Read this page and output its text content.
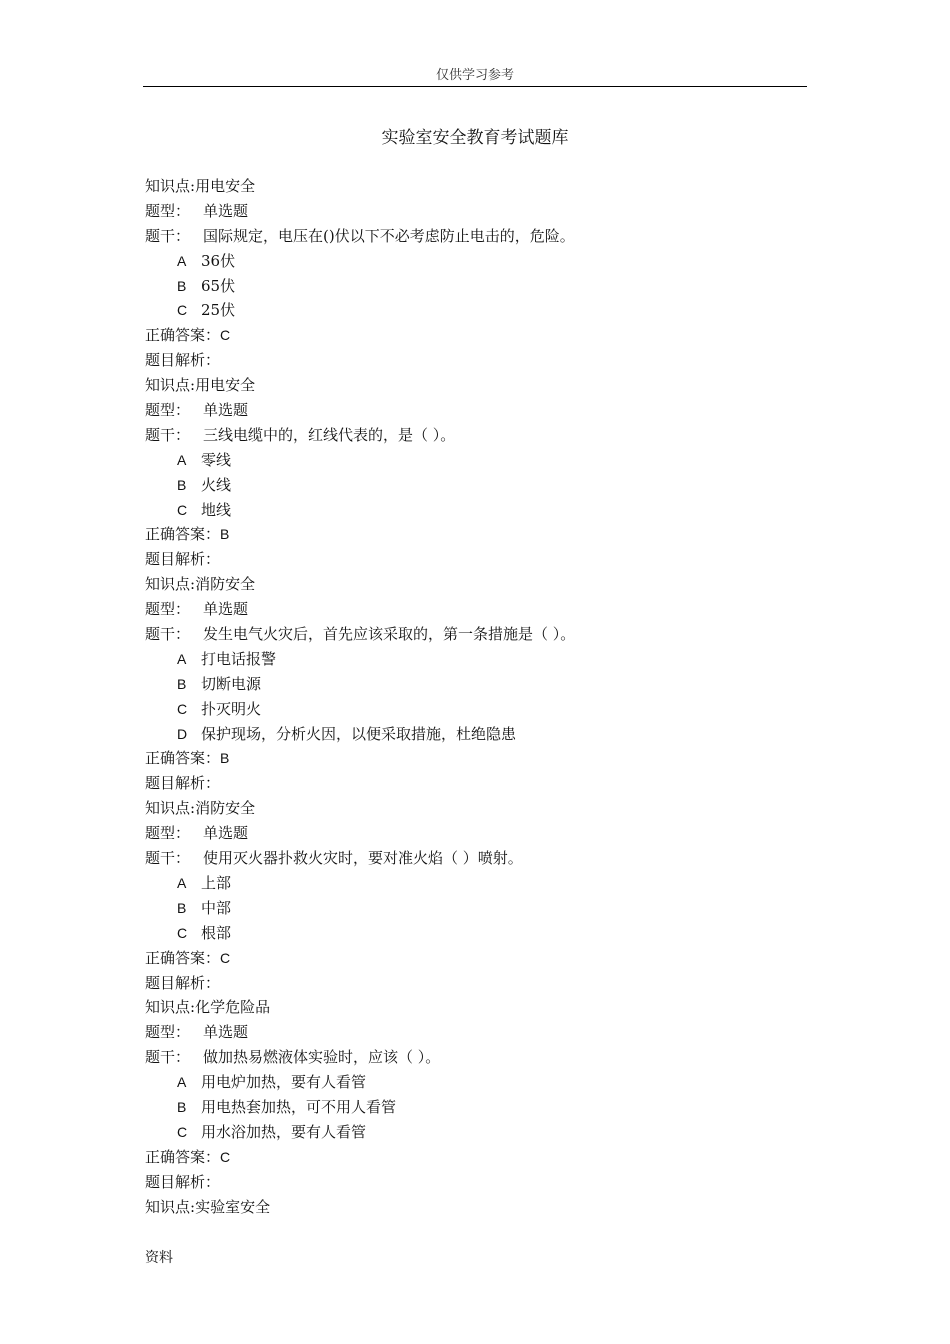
仅供学习参考
实验室安全教育考试题库
知识点:用电安全
题型： 单选题
题干： 国际规定，电压在()伏以下不必考虑防止电击的，危险。
A 36伏
B 65伏
C 25伏
正确答案：C
题目解析：
知识点:用电安全
题型： 单选题
题干： 三线电缆中的，红线代表的，是（ ）。
A 零线
B 火线
C 地线
正确答案：B
题目解析：
知识点:消防安全
题型： 单选题
题干： 发生电气火灾后，首先应该采取的，第一条措施是（ ）。
A 打电话报警
B 切断电源
C 扑灭明火
D 保护现场，分析火因，以便采取措施，杜绝隐患
正确答案：B
题目解析：
知识点:消防安全
题型： 单选题
题干： 使用灭火器扑救火灾时，要对准火焰（ ）喷射。
A 上部
B 中部
C 根部
正确答案：C
题目解析：
知识点:化学危险品
题型： 单选题
题干： 做加热易燃液体实验时，应该（ ）。
A 用电炉加热，要有人看管
B 用电热套加热，可不用人看管
C 用水浴加热，要有人看管
正确答案：C
题目解析：
知识点:实验室安全
资料
